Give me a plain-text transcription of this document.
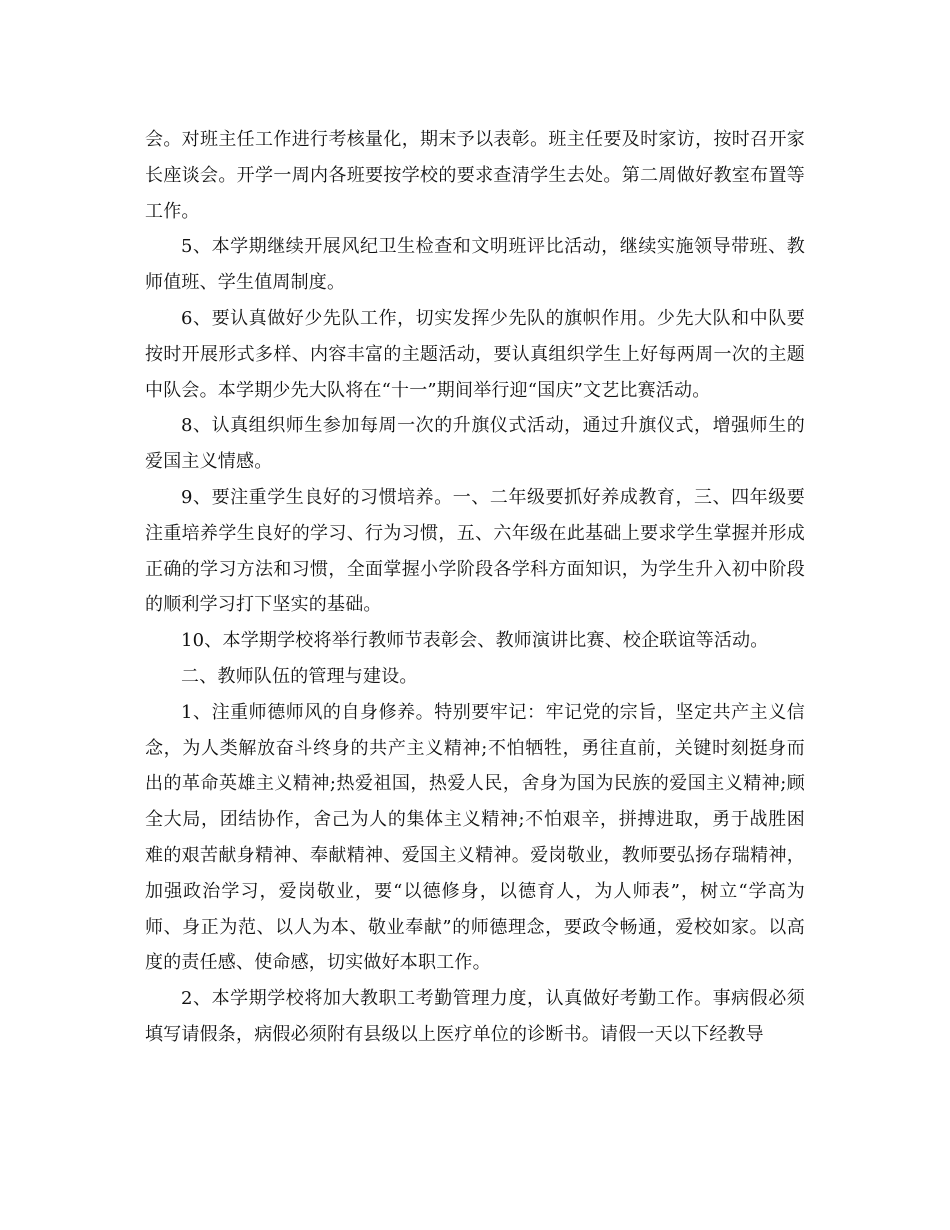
会。对班主任工作进行考核量化，期末予以表彰。班主任要及时家访，按时召开家长座谈会。开学一周内各班要按学校的要求查清学生去处。第二周做好教室布置等工作。

5、本学期继续开展风纪卫生检查和文明班评比活动，继续实施领导带班、教师值班、学生值周制度。

6、要认真做好少先队工作，切实发挥少先队的旗帜作用。少先大队和中队要按时开展形式多样、内容丰富的主题活动，要认真组织学生上好每两周一次的主题中队会。本学期少先大队将在“十一”期间举行迎“国庆”文艺比赛活动。

8、认真组织师生参加每周一次的升旗仪式活动，通过升旗仪式，增强师生的爱国主义情感。

9、要注重学生良好的习惯培养。一、二年级要抓好养成教育，三、四年级要注重培养学生良好的学习、行为习惯，五、六年级在此基础上要求学生掌握并形成正确的学习方法和习惯，全面掌握小学阶段各学科方面知识，为学生升入初中阶段的顺利学习打下坚实的基础。

10、本学期学校将举行教师节表彰会、教师演讲比赛、校企联谊等活动。

二、教师队伍的管理与建设。

1、注重师德师风的自身修养。特别要牢记：牢记党的宗旨，坚定共产主义信念，为人类解放奋斗终身的共产主义精神;不怕牺牲，勇往直前，关键时刻挺身而出的革命英雄主义精神;热爱祖国，热爱人民，舍身为国为民族的爱国主义精神;顾全大局，团结协作，舍己为人的集体主义精神;不怕艰辛，拼搏进取，勇于战胜困难的艰苦献身精神、奉献精神、爱国主义精神。爱岗敬业，教师要弘扬存瑞精神，加强政治学习，爱岗敬业，要“以德修身，以德育人，为人师表”，树立“学高为师、身正为范、以人为本、敬业奉献”的师德理念，要政令畅通，爱校如家。以高度的责任感、使命感，切实做好本职工作。

2、本学期学校将加大教职工考勤管理力度，认真做好考勤工作。事病假必须填写请假条，病假必须附有县级以上医疗单位的诊断书。请假一天以下经教导
